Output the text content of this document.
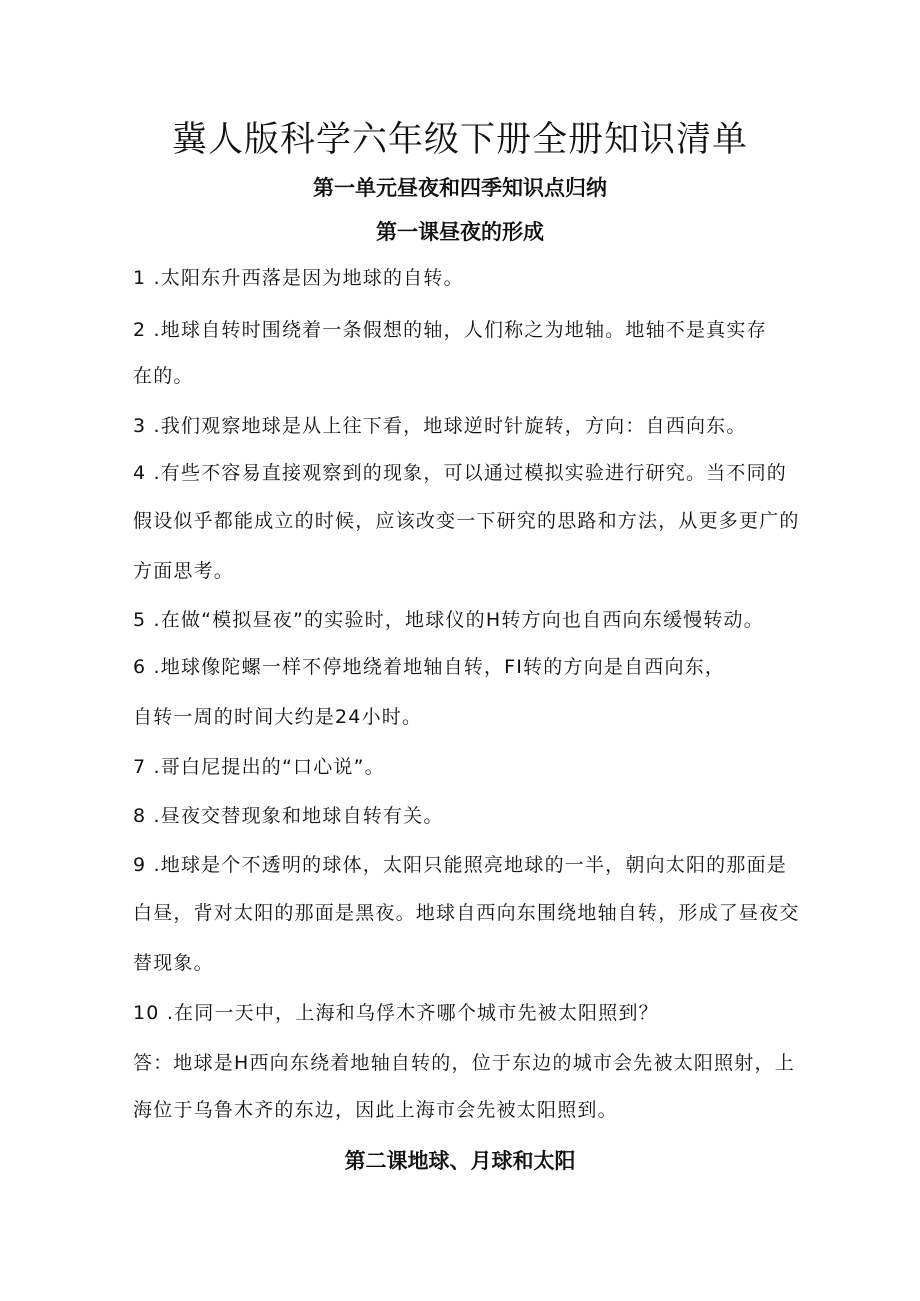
冀人版科学六年级下册全册知识清单
第一单元昼夜和四季知识点归纳
第一课昼夜的形成
1 .太阳东升西落是因为地球的自转。
2 .地球自转时围绕着一条假想的轴，人们称之为地轴。地轴不是真实存
在的。
3 .我们观察地球是从上往下看，地球逆时针旋转，方向：自西向东。
4 .有些不容易直接观察到的现象，可以通过模拟实验进行研究。当不同的
假设似乎都能成立的时候，应该改变一下研究的思路和方法，从更多更广的
方面思考。
5 .在做“模拟昼夜”的实验时，地球仪的H转方向也自西向东缓慢转动。
6 .地球像陀螺一样不停地绕着地轴自转，FI转的方向是自西向东，
自转一周的时间大约是24小时。
7 .哥白尼提出的“口心说”。
8 .昼夜交替现象和地球自转有关。
9 .地球是个不透明的球体，太阳只能照亮地球的一半，朝向太阳的那面是
白昼，背对太阳的那面是黑夜。地球自西向东围绕地轴自转，形成了昼夜交
替现象。
10 .在同一天中，上海和乌俘木齐哪个城市先被太阳照到？
答：地球是H西向东绕着地轴自转的，位于东边的城市会先被太阳照射，上
海位于乌鲁木齐的东边，因此上海市会先被太阳照到。
第二课地球、月球和太阳
